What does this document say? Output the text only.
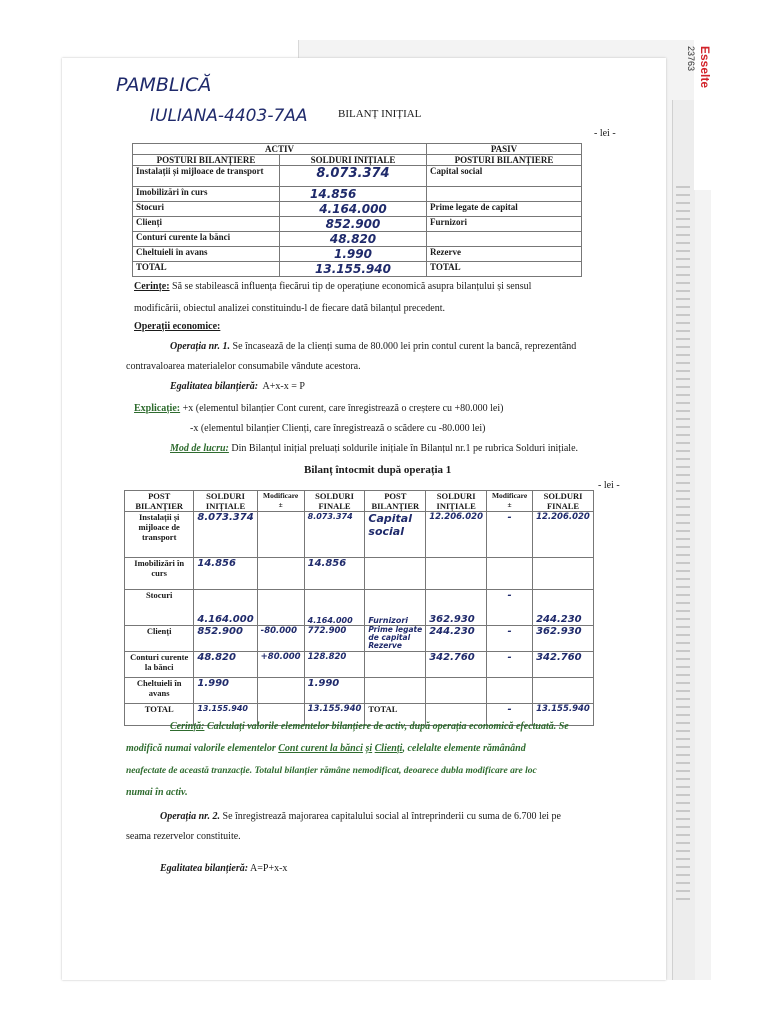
Esselte
23763
PAMBLICĂ
IULIANA-4403-7AA	BILANȚ INIȚIAL
- lei -
ACTIV		PASIV
POSTURI BILANȚIERE	SOLDURI INIȚIALE	POSTURI BILANȚIERE
Instalații și mijloace de transport	8.073.374	Capital social
Imobilizări în curs	14.856	
Stocuri	4.164.000	Prime legate de capital
Clienți	852.900	Furnizori
Conturi curente la bănci	48.820	
Cheltuieli în avans	1.990	Rezerve
TOTAL	13.155.940	TOTAL
Cerințe: Să se stabilească influența fiecărui tip de operațiune economică asupra bilanțului și sensul
modificării, obiectul analizei constituindu-l de fiecare dată bilanțul precedent.
Operații economice:
Operația nr. 1. Se încasează de la clienți suma de 80.000 lei prin contul curent la bancă, reprezentând
contravaloarea materialelor consumabile vândute acestora.
Egalitatea bilanțieră: A+x-x = P
Explicație: +x (elementul bilanțier Cont curent, care înregistrează o creștere cu +80.000 lei)
-x (elementul bilanțier Clienți, care înregistrează o scădere cu -80.000 lei)
Mod de lucru: Din Bilanțul inițial preluați soldurile inițiale în Bilanțul nr.1 pe rubrica Solduri inițiale.
Bilanț întocmit după operația 1
- lei -
POST BILANȚIER	SOLDURI INIȚIALE	Modificare ±	SOLDURI FINALE	POST BILANȚIER	SOLDURI INIȚIALE	Modificare ±	SOLDURI FINALE
Instalații și mijloace de transport	8.073.374		8.073.374	Capital social	12.206.020	-	12.206.020
Imobilizări în curs	14.856		14.856				
Stocuri	4.164.000		4.164.000	Furnizori	362.930	-	244.230
Clienți	852.900	-80.000	772.900	Prime legate de capital Rezerve	244.230	-	362.930
Conturi curente la bănci	48.820	+80.000	128.820		342.760	-	342.760
Cheltuieli în avans	1.990		1.990				
TOTAL	13.155.940		13.155.940	TOTAL		-	13.155.940
Cerință: Calculați valorile elementelor bilanțiere de activ, după operația economică efectuată. Se
modifică numai valorile elementelor Cont curent la bănci și Clienți, celelalte elemente rămânând
neafectate de această tranzacție. Totalul bilanțier rămâne nemodificat, deoarece dubla modificare are loc
numai în activ.
Operația nr. 2. Se înregistrează majorarea capitalului social al întreprinderii cu suma de 6.700 lei pe
seama rezervelor constituite.
Egalitatea bilanțieră: A=P+x-x
